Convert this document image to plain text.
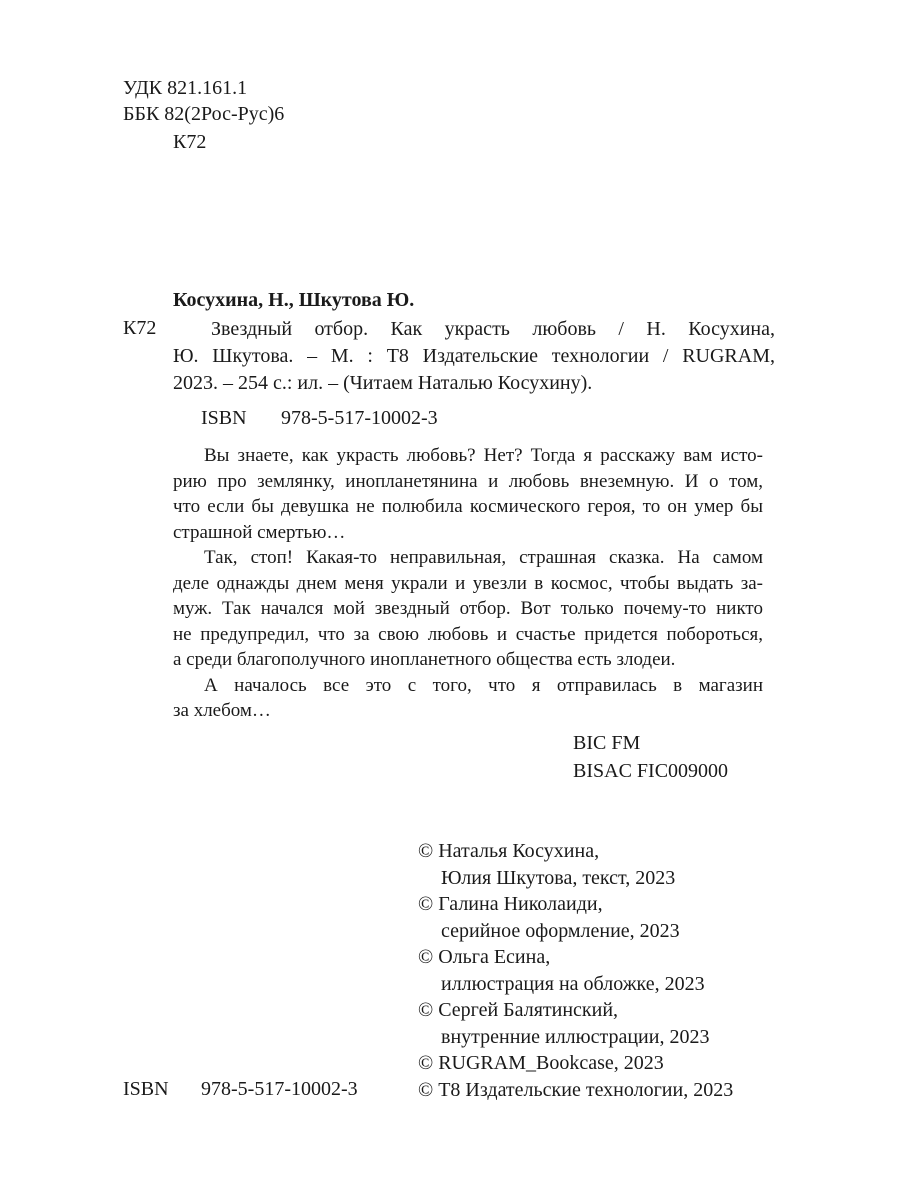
УДК 821.161.1
ББК 82(2Рос-Рус)6
К72
Косухина, Н., Шкутова Ю.
К72	Звездный отбор. Как украсть любовь / Н. Косухина,
Ю. Шкутова. – М. : Т8 Издательские технологии / RUGRAM,
2023. – 254 с.: ил. – (Читаем Наталью Косухину).
ISBN 978-5-517-10002-3
Вы знаете, как украсть любовь? Нет? Тогда я расскажу вам исто-
рию про землянку, инопланетянина и любовь внеземную. И о том,
что если бы девушка не полюбила космического героя, то он умер бы
страшной смертью…
Так, стоп! Какая-то неправильная, страшная сказка. На самом
деле однажды днем меня украли и увезли в космос, чтобы выдать за-
муж. Так начался мой звездный отбор. Вот только почему-то никто
не предупредил, что за свою любовь и счастье придется побороться,
а среди благополучного инопланетного общества есть злодеи.
А началось все это с того, что я отправилась в магазин
за хлебом…
BIC FM
BISAC FIC009000
© Наталья Косухина,
Юлия Шкутова, текст, 2023
© Галина Николаиди,
серийное оформление, 2023
© Ольга Есина,
иллюстрация на обложке, 2023
© Сергей Балятинский,
внутренние иллюстрации, 2023
© RUGRAM_Bookcase, 2023
© Т8 Издательские технологии, 2023
ISBN 978-5-517-10002-3
